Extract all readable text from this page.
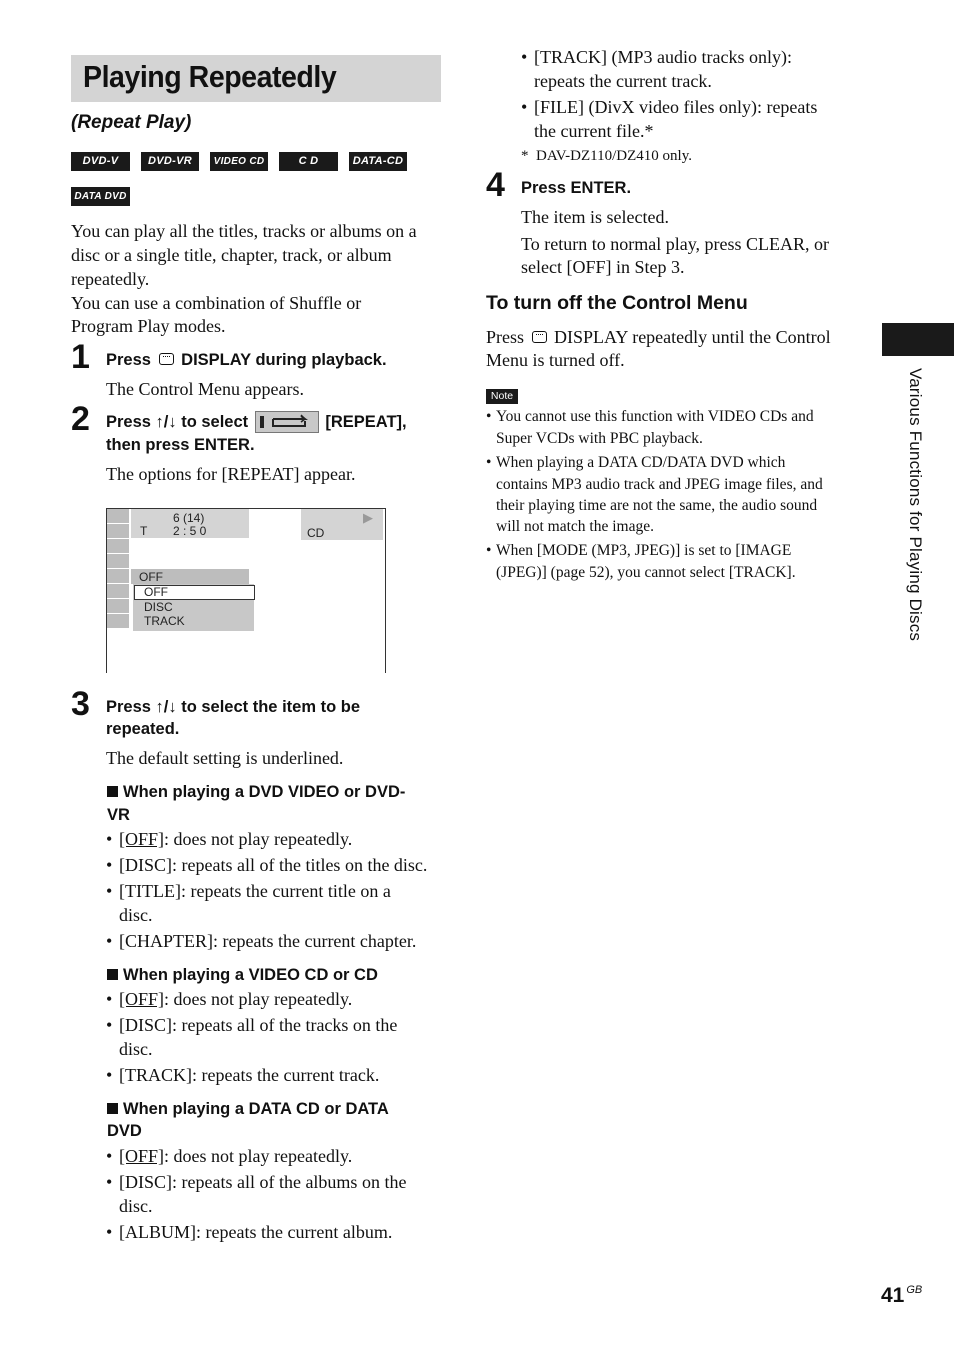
Playing Repeatedly
(Repeat Play)
DVD-V	DVD-VR	VIDEO CD	C D	DATA-CD
DATA DVD
You can play all the titles, tracks or albums on a
disc or a single title, chapter, track, or album
repeatedly.
You can use a combination of Shuffle or
Program Play modes.
1 Press DISPLAY during playback.
The Control Menu appears.
2 Press ↑/↓ to select	[REPEAT],
then press ENTER.
The options for [REPEAT] appear.
6 (14)
T 2 : 5 0	CD
▶
OFF
OFF
DISC
TRACK
3 Press ↑/↓ to select the item to be
repeated.
The default setting is underlined.
When playing a DVD VIDEO or DVD-
VR
• [OFF]: does not play repeatedly.
• [DISC]: repeats all of the titles on the disc.
• [TITLE]: repeats the current title on a
disc.
• [CHAPTER]: repeats the current chapter.
When playing a VIDEO CD or CD
• [OFF]: does not play repeatedly.
• [DISC]: repeats all of the tracks on the
disc.
• [TRACK]: repeats the current track.
When playing a DATA CD or DATA
DVD
• [OFF]: does not play repeatedly.
• [DISC]: repeats all of the albums on the
disc.
• [ALBUM]: repeats the current album.
• [TRACK] (MP3 audio tracks only):
repeats the current track.
• [FILE] (DivX video files only): repeats
the current file.*
*  DAV-DZ110/DZ410 only.
4 Press ENTER.
The item is selected.
To return to normal play, press CLEAR, or
select [OFF] in Step 3.
To turn off the Control Menu
Press DISPLAY repeatedly until the Control
Menu is turned off.
Note
• You cannot use this function with VIDEO CDs and
Super VCDs with PBC playback.
• When playing a DATA CD/DATA DVD which
contains MP3 audio track and JPEG image files, and
their playing time are not the same, the audio sound
will not match the image.
• When [MODE (MP3, JPEG)] is set to [IMAGE
(JPEG)] (page 52), you cannot select [TRACK].	Various Functions for Playing Discs
41 $^{GB}$
